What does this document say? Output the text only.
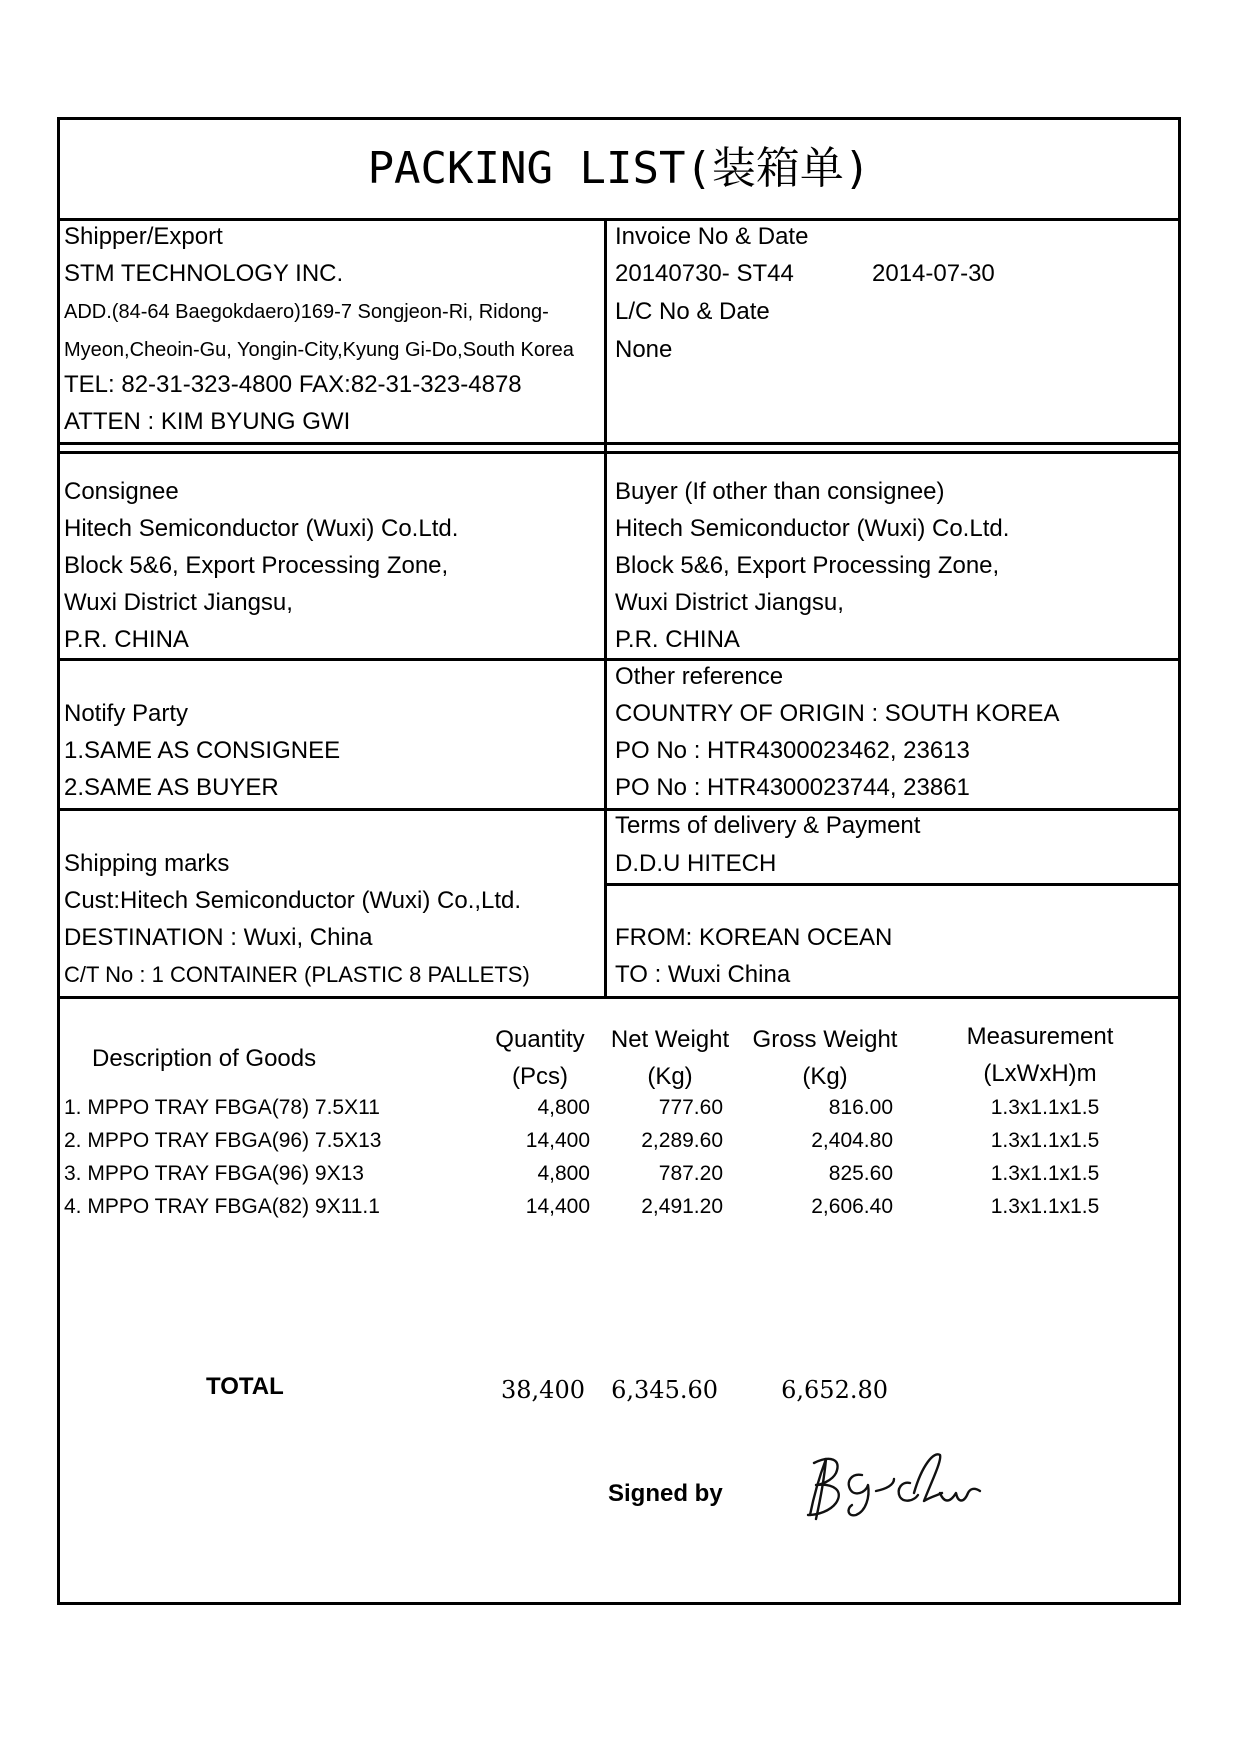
PACKING LIST(装箱单)
Shipper/Export
STM TECHNOLOGY INC.
ADD.(84-64 Baegokdaero)169-7 Songjeon-Ri, Ridong-
Myeon,Cheoin-Gu, Yongin-City,Kyung Gi-Do,South Korea
TEL: 82-31-323-4800 FAX:82-31-323-4878
ATTEN : KIM BYUNG GWI
Invoice No & Date
20140730- ST44	2014-07-30
L/C No & Date
None
Consignee
Hitech Semiconductor (Wuxi) Co.Ltd.
Block 5&6, Export Processing Zone,
Wuxi District Jiangsu,
P.R. CHINA
Buyer (If other than consignee)
Hitech Semiconductor (Wuxi) Co.Ltd.
Block 5&6, Export Processing Zone,
Wuxi District Jiangsu,
P.R. CHINA
Notify Party
1.SAME AS CONSIGNEE
2.SAME AS BUYER
Other reference
COUNTRY OF ORIGIN : SOUTH KOREA
PO No : HTR4300023462, 23613
PO No : HTR4300023744, 23861
Shipping marks
Cust:Hitech Semiconductor (Wuxi) Co.,Ltd.
DESTINATION : Wuxi, China
C/T No : 1 CONTAINER (PLASTIC 8 PALLETS)
Terms of delivery & Payment
D.D.U HITECH
FROM: KOREAN OCEAN
TO : Wuxi China
Description of Goods
Quantity
(Pcs)
Net Weight
(Kg)
Gross Weight
(Kg)
Measurement
(LxWxH)m
1. MPPO TRAY FBGA(78) 7.5X11	4,800	777.60	816.00	1.3x1.1x1.5
2. MPPO TRAY FBGA(96) 7.5X13	14,400	2,289.60	2,404.80	1.3x1.1x1.5
3. MPPO TRAY FBGA(96) 9X13	4,800	787.20	825.60	1.3x1.1x1.5
4. MPPO TRAY FBGA(82) 9X11.1	14,400	2,491.20	2,606.40	1.3x1.1x1.5
TOTAL	38,400	6,345.60	6,652.80
Signed by
